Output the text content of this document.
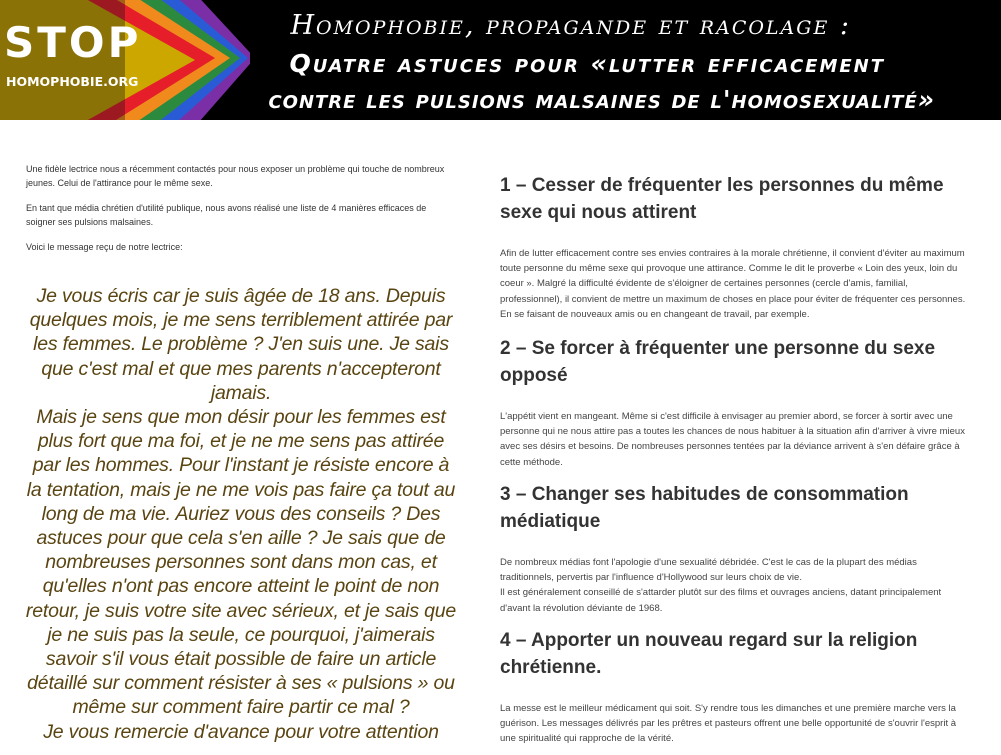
STOP
HOMOPHOBIE.ORG
Homophobie, propagande et racolage :
Quatre astuces pour «lutter efficacement
contre les pulsions malsaines de l'homosexualité»

Une fidèle lectrice nous a récemment contactés pour nous exposer un problème qui touche de nombreux jeunes. Celui de l'attirance pour le même sexe.

En tant que média chrétien d'utilité publique, nous avons réalisé une liste de 4 manières efficaces de soigner ses pulsions malsaines.

Voici le message reçu de notre lectrice:

Je vous écris car je suis âgée de 18 ans. Depuis quelques mois, je me sens terriblement attirée par les femmes. Le problème ? J'en suis une. Je sais que c'est mal et que mes parents n'accepteront jamais.

Mais je sens que mon désir pour les femmes est plus fort que ma foi, et je ne me sens pas attirée par les hommes. Pour l'instant je résiste encore à la tentation, mais je ne me vois pas faire ça tout au long de ma vie. Auriez vous des conseils ? Des astuces pour que cela s'en aille ? Je sais que de nombreuses personnes sont dans mon cas, et qu'elles n'ont pas encore atteint le point de non retour, je suis votre site avec sérieux, et je sais que je ne suis pas la seule, ce pourquoi, j'aimerais savoir s'il vous était possible de faire un article détaillé sur comment résister à ses « pulsions » ou même sur comment faire partir ce mal ?

Je vous remercie d'avance pour votre attention

1 – Cesser de fréquenter les personnes du même sexe qui nous attirent

Afin de lutter efficacement contre ses envies contraires à la morale chrétienne, il convient d'éviter au maximum toute personne du même sexe qui provoque une attirance. Comme le dit le proverbe « Loin des yeux, loin du coeur ». Malgré la difficulté évidente de s'éloigner de certaines personnes (cercle d'amis, familial, professionnel), il convient de mettre un maximum de choses en place pour éviter de fréquenter ces personnes. En se faisant de nouveaux amis ou en changeant de travail, par exemple.

2 – Se forcer à fréquenter une personne du sexe opposé

L'appétit vient en mangeant. Même si c'est difficile à envisager au premier abord, se forcer à sortir avec une personne qui ne nous attire pas a toutes les chances de nous habituer à la situation afin d'arriver à vivre mieux avec ses désirs et besoins. De nombreuses personnes tentées par la déviance arrivent à s'en défaire grâce à cette méthode.

3 – Changer ses habitudes de consommation médiatique

De nombreux médias font l'apologie d'une sexualité débridée. C'est le cas de la plupart des médias traditionnels, pervertis par l'influence d'Hollywood sur leurs choix de vie.

Il est généralement conseillé de s'attarder plutôt sur des films et ouvrages anciens, datant principalement d'avant la révolution déviante de 1968.

4 – Apporter un nouveau regard sur la religion chrétienne.

La messe est le meilleur médicament qui soit. S'y rendre tous les dimanches et une première marche vers la guérison. Les messages délivrés par les prêtres et pasteurs offrent une belle opportunité de s'ouvrir l'esprit à une spiritualité qui rapproche de la vérité.
